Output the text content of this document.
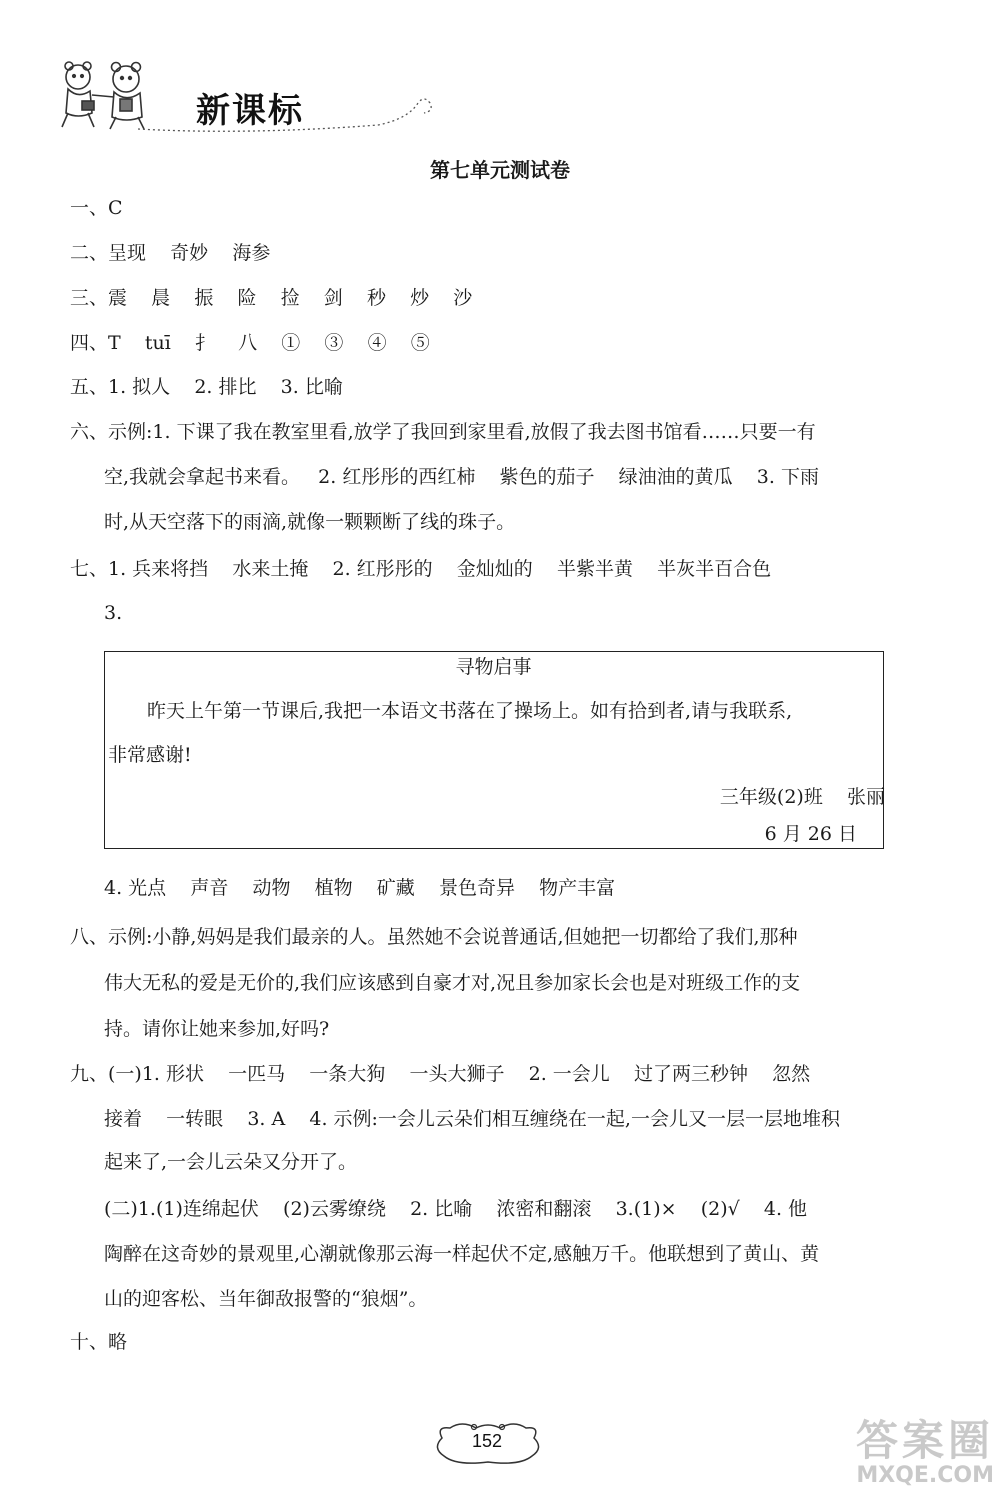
新课标
第七单元测试卷
一、C
二、呈现    奇妙    海参
三、震    晨    振    险    捡    剑    秒    炒    沙
四、T    tuī    扌    八    ①    ③    ④    ⑤
五、1. 拟人    2. 排比    3. 比喻
六、示例:1. 下课了我在教室里看,放学了我回到家里看,放假了我去图书馆看……只要一有
空,我就会拿起书来看。   2. 红彤彤的西红柿    紫色的茄子    绿油油的黄瓜    3. 下雨
时,从天空落下的雨滴,就像一颗颗断了线的珠子。
七、1. 兵来将挡    水来土掩    2. 红彤彤的    金灿灿的    半紫半黄    半灰半百合色
3.
寻物启事
昨天上午第一节课后,我把一本语文书落在了操场上。如有拾到者,请与我联系,
非常感谢!
三年级(2)班    张丽
6 月 26 日
4. 光点    声音    动物    植物    矿藏    景色奇异    物产丰富
八、示例:小静,妈妈是我们最亲的人。虽然她不会说普通话,但她把一切都给了我们,那种
伟大无私的爱是无价的,我们应该感到自豪才对,况且参加家长会也是对班级工作的支
持。请你让她来参加,好吗?
九、(一)1. 形状    一匹马    一条大狗    一头大狮子    2. 一会儿    过了两三秒钟    忽然
接着    一转眼    3. A    4. 示例:一会儿云朵们相互缠绕在一起,一会儿又一层一层地堆积
起来了,一会儿云朵又分开了。
(二)1.(1)连绵起伏    (2)云雾缭绕    2. 比喻    浓密和翻滚    3.(1)×    (2)√    4. 他
陶醉在这奇妙的景观里,心潮就像那云海一样起伏不定,感触万千。他联想到了黄山、黄
山的迎客松、当年御敌报警的“狼烟”。
十、略
152	答案圈
MXQE.COM
